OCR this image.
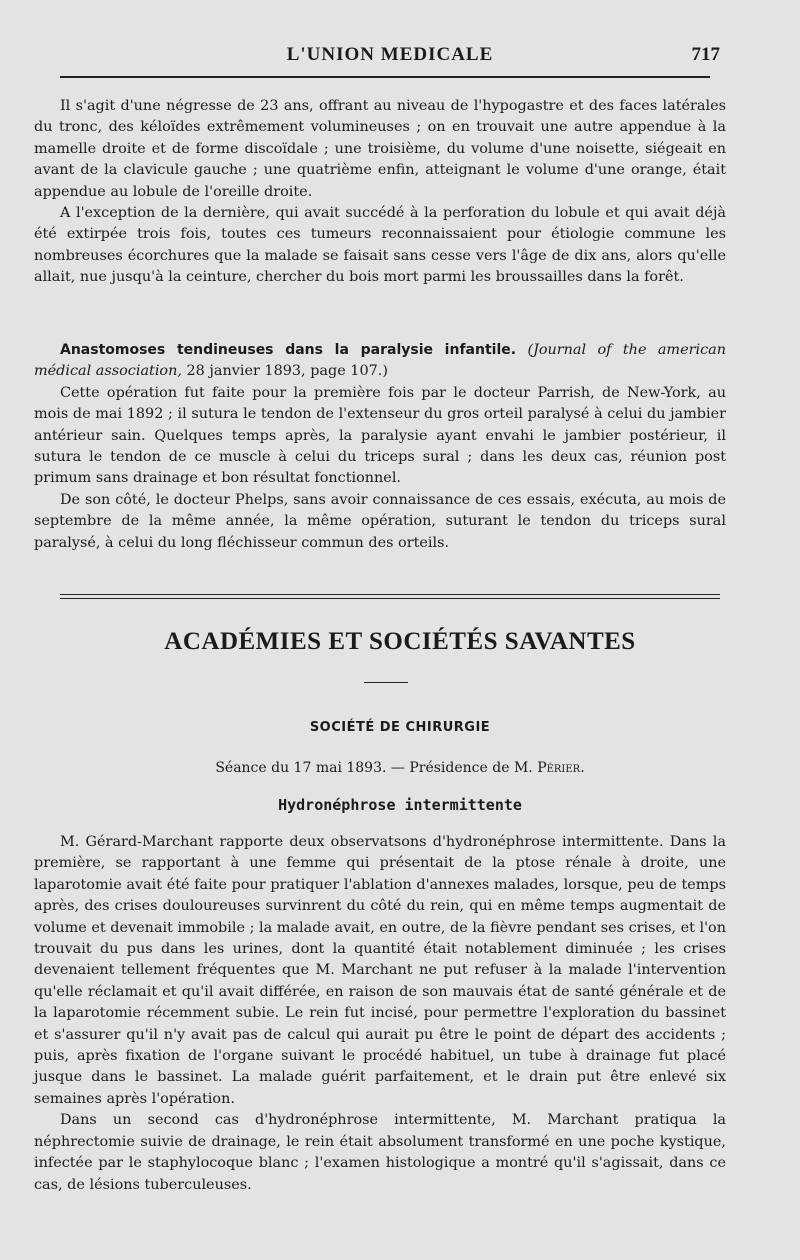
L'UNION MEDICALE	717

Il s'agit d'une négresse de 23 ans, offrant au niveau de l'hypogastre et des faces latérales du tronc, des kéloïdes extrêmement volumineuses ; on en trouvait une autre appendue à la mamelle droite et de forme discoïdale ; une troisième, du volume d'une noisette, siégeait en avant de la clavicule gauche ; une quatrième enfin, atteignant le volume d'une orange, était appendue au lobule de l'oreille droite.

A l'exception de la dernière, qui avait succédé à la perforation du lobule et qui avait déjà été extirpée trois fois, toutes ces tumeurs reconnaissaient pour étiologie commune les nombreuses écorchures que la malade se faisait sans cesse vers l'âge de dix ans, alors qu'elle allait, nue jusqu'à la ceinture, chercher du bois mort parmi les broussailles dans la forêt.

Anastomoses tendineuses dans la paralysie infantile. (Journal of the american médical association, 28 janvier 1893, page 107.)

Cette opération fut faite pour la première fois par le docteur Parrish, de New-York, au mois de mai 1892 ; il sutura le tendon de l'extenseur du gros orteil paralysé à celui du jambier antérieur sain. Quelques temps après, la paralysie ayant envahi le jambier postérieur, il sutura le tendon de ce muscle à celui du triceps sural ; dans les deux cas, réunion post primum sans drainage et bon résultat fonctionnel.

De son côté, le docteur Phelps, sans avoir connaissance de ces essais, exécuta, au mois de septembre de la même année, la même opération, suturant le tendon du triceps sural paralysé, à celui du long fléchisseur commun des orteils.

ACADÉMIES ET SOCIÉTÉS SAVANTES
SOCIÉTÉ DE CHIRURGIE
Séance du 17 mai 1893. — Présidence de M. Périer.
Hydronéphrose intermittente

M. Gérard-Marchant rapporte deux observatsons d'hydronéphrose intermittente. Dans la première, se rapportant à une femme qui présentait de la ptose rénale à droite, une laparotomie avait été faite pour pratiquer l'ablation d'annexes malades, lorsque, peu de temps après, des crises douloureuses survinrent du côté du rein, qui en même temps augmentait de volume et devenait immobile ; la malade avait, en outre, de la fièvre pendant ses crises, et l'on trouvait du pus dans les urines, dont la quantité était notablement diminuée ; les crises devenaient tellement fréquentes que M. Marchant ne put refuser à la malade l'intervention qu'elle réclamait et qu'il avait différée, en raison de son mauvais état de santé générale et de la laparotomie récemment subie. Le rein fut incisé, pour permettre l'exploration du bassinet et s'assurer qu'il n'y avait pas de calcul qui aurait pu être le point de départ des accidents ; puis, après fixation de l'organe suivant le procédé habituel, un tube à drainage fut placé jusque dans le bassinet. La malade guérit parfaitement, et le drain put être enlevé six semaines après l'opération.

Dans un second cas d'hydronéphrose intermittente, M. Marchant pratiqua la néphrectomie suivie de drainage, le rein était absolument transformé en une poche kystique, infectée par le staphylocoque blanc ; l'examen histologique a montré qu'il s'agissait, dans ce cas, de lésions tuberculeuses.
